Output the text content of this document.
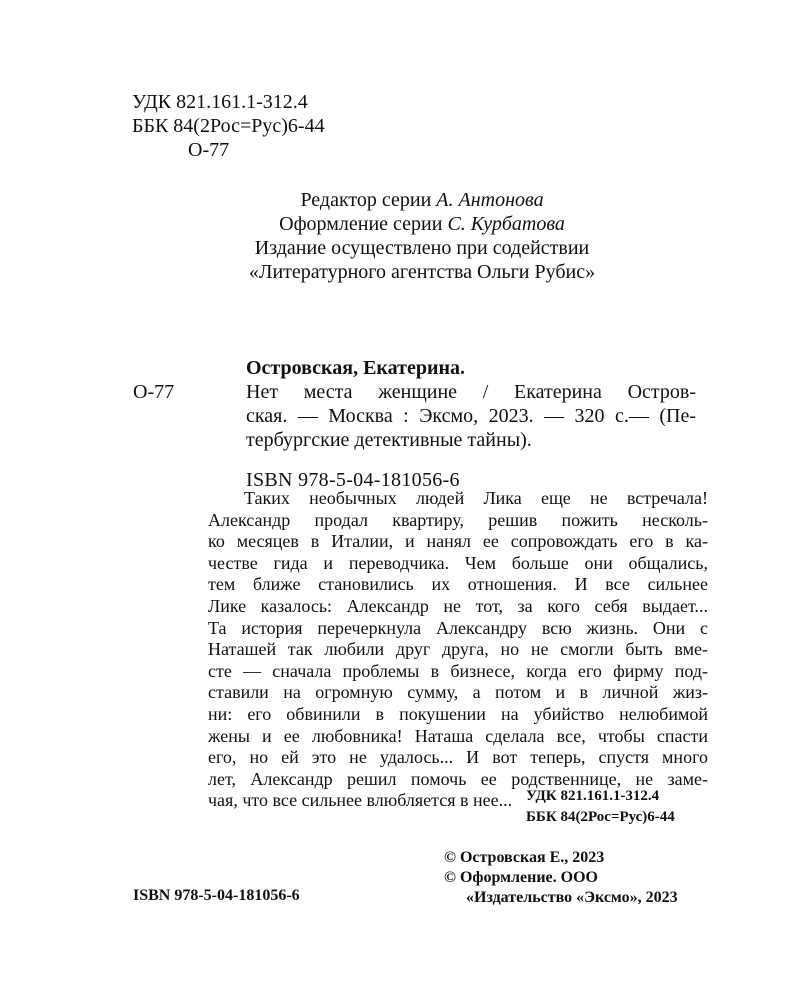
УДК 821.161.1-312.4
ББК 84(2Рос=Рус)6-44
О-77
Редактор серии А. Антонова
Оформление серии С. Курбатова
Издание осуществлено при содействии
«Литературного агентства Ольги Рубис»
Островская, Екатерина.
О-77	Нет места женщине / Екатерина Остров-
ская. — Москва : Эксмо, 2023. — 320 с.— (Пе-
тербургские детективные тайны).
ISBN 978-5-04-181056-6
Таких необычных людей Лика еще не встречала!
Александр продал квартиру, решив пожить несколь-
ко месяцев в Италии, и нанял ее сопровождать его в ка-
честве гида и переводчика. Чем больше они общались,
тем ближе становились их отношения. И все сильнее
Лике казалось: Александр не тот, за кого себя выдает...
Та история перечеркнула Александру всю жизнь. Они с
Наташей так любили друг друга, но не смогли быть вме-
сте — сначала проблемы в бизнесе, когда его фирму под-
ставили на огромную сумму, а потом и в личной жиз-
ни: его обвинили в покушении на убийство нелюбимой
жены и ее любовника! Наташа сделала все, чтобы спасти
его, но ей это не удалось... И вот теперь, спустя много
лет, Александр решил помочь ее родственнице, не заме-
чая, что все сильнее влюбляется в нее... УДК 821.161.1-312.4
ББК 84(2Рос=Рус)6-44
© Островская Е., 2023
© Оформление. ООО
«Издательство «Эксмо», 2023
ISBN 978-5-04-181056-6
